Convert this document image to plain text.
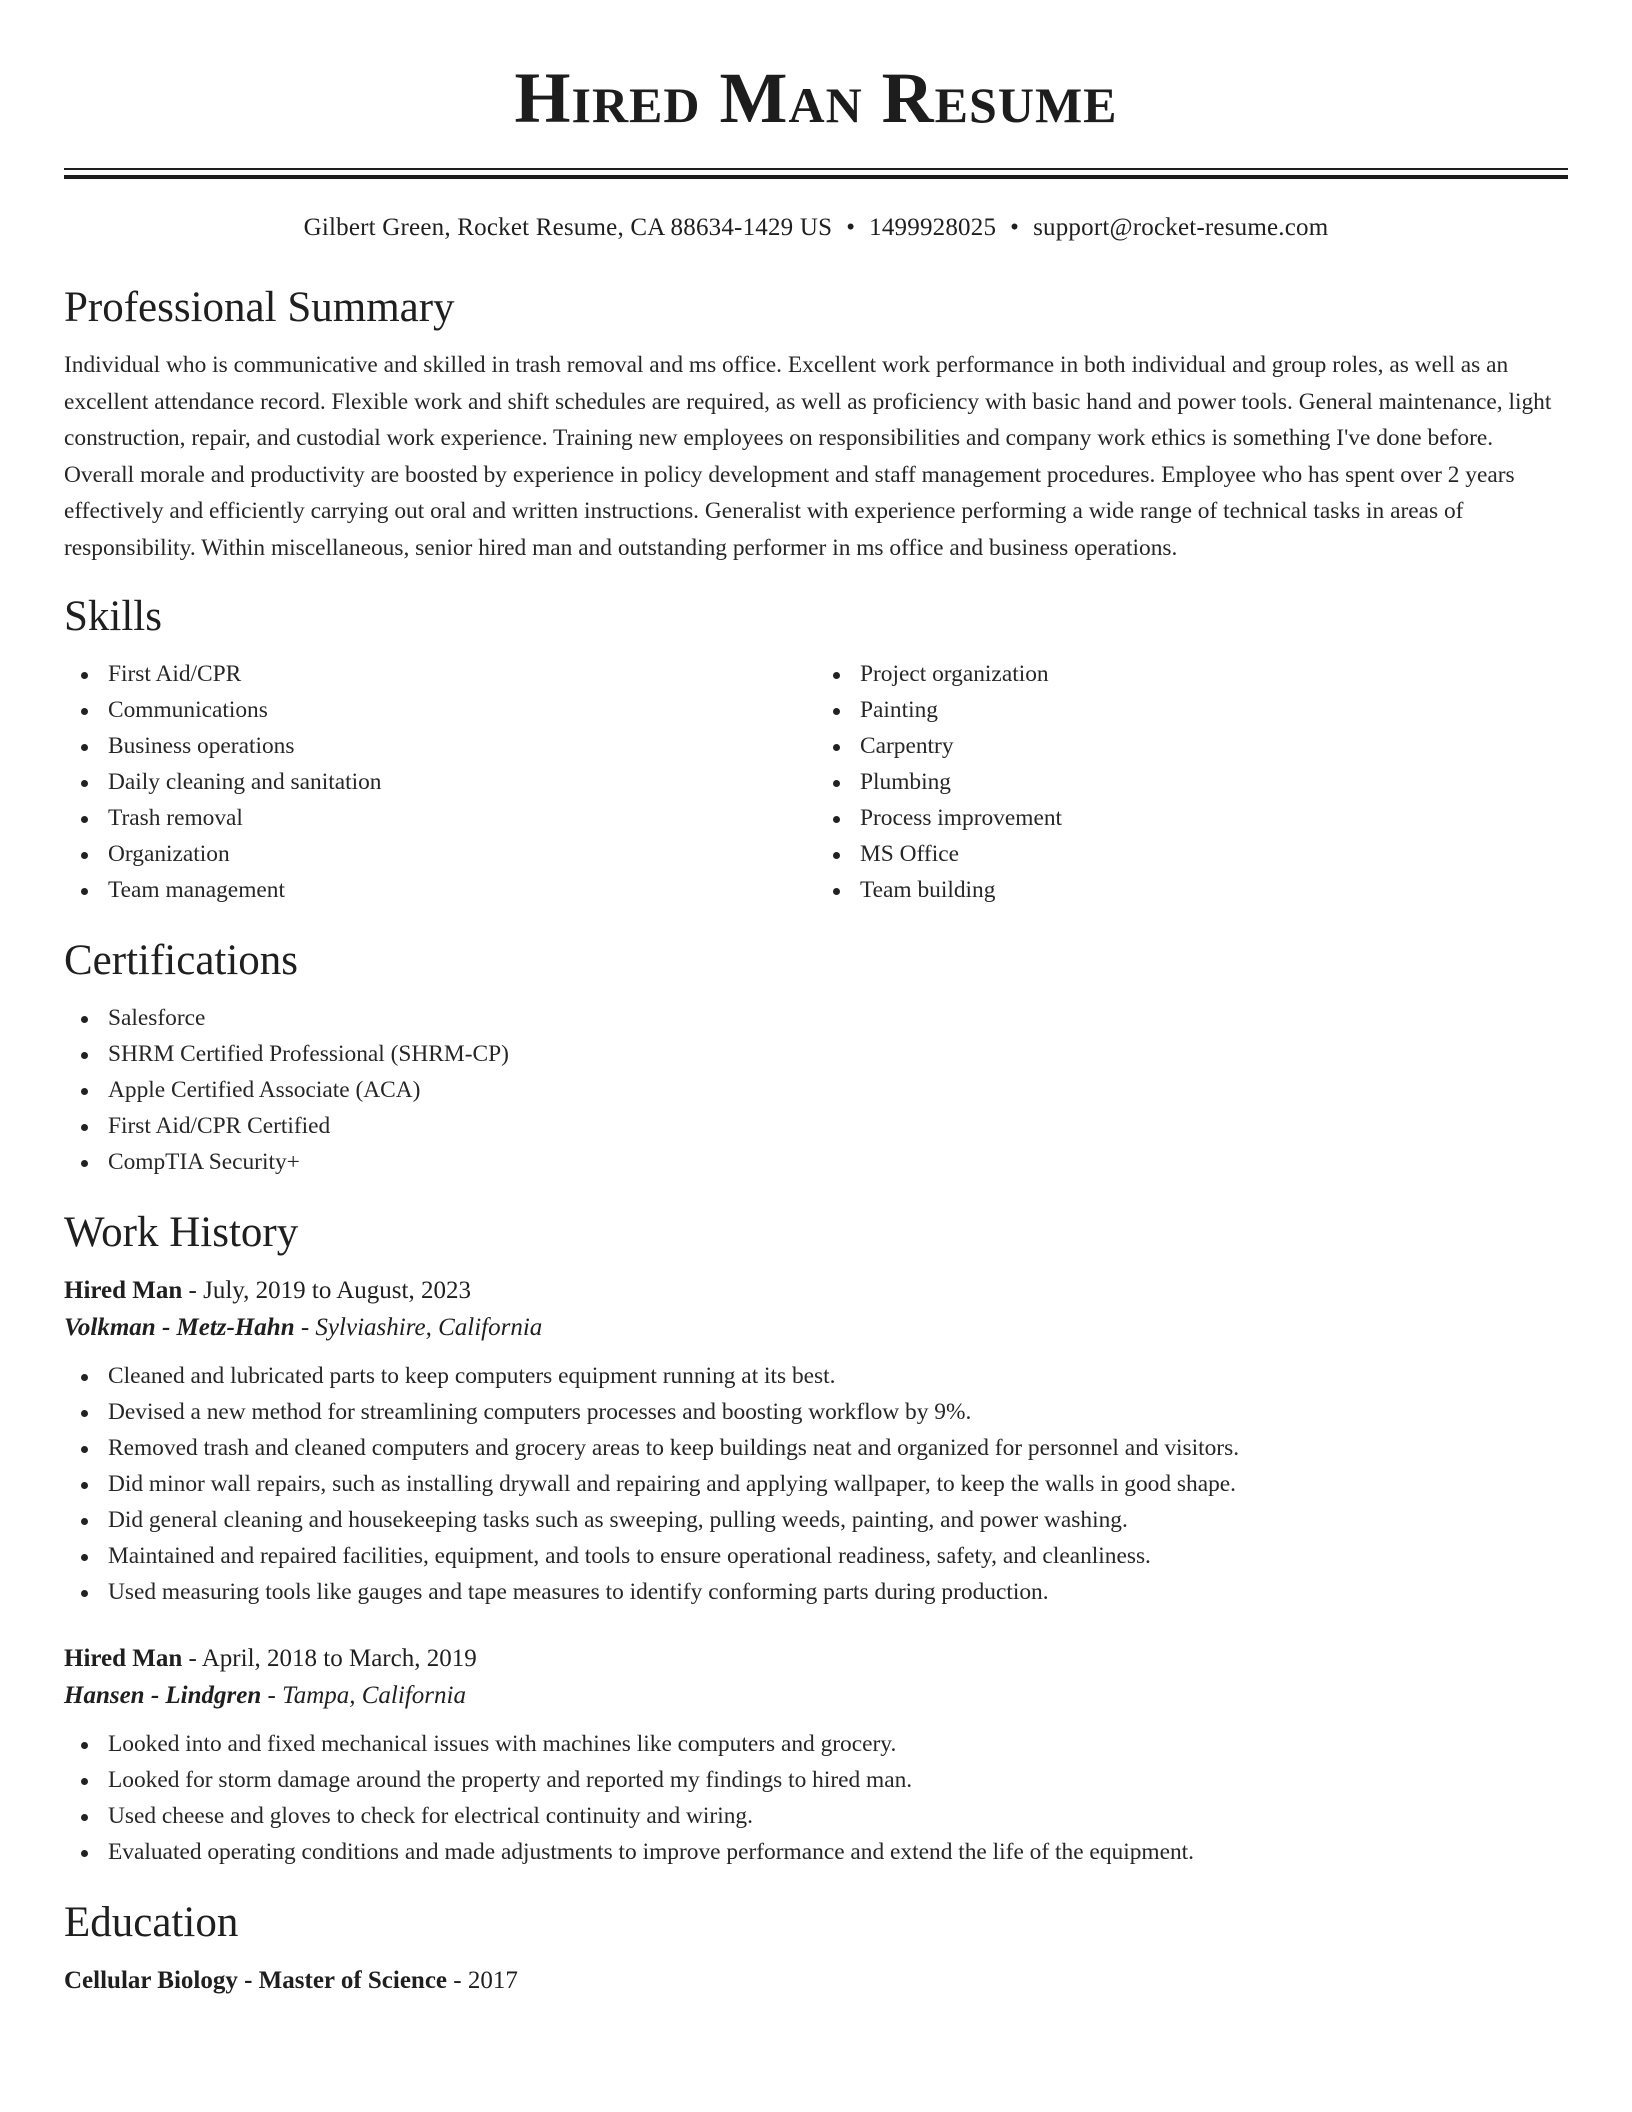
Hired Man Resume
Gilbert Green, Rocket Resume, CA 88634-1429 US • 1499928025 • support@rocket-resume.com
Professional Summary

Individual who is communicative and skilled in trash removal and ms office. Excellent work performance in both individual and group roles, as well as an excellent attendance record. Flexible work and shift schedules are required, as well as proficiency with basic hand and power tools. General maintenance, light construction, repair, and custodial work experience. Training new employees on responsibilities and company work ethics is something I've done before. Overall morale and productivity are boosted by experience in policy development and staff management procedures. Employee who has spent over 2 years effectively and efficiently carrying out oral and written instructions. Generalist with experience performing a wide range of technical tasks in areas of responsibility. Within miscellaneous, senior hired man and outstanding performer in ms office and business operations.

Skills
First Aid/CPR
Communications
Business operations
Daily cleaning and sanitation
Trash removal
Organization
Team management
Project organization
Painting
Carpentry
Plumbing
Process improvement
MS Office
Team building
Certifications
Salesforce
SHRM Certified Professional (SHRM-CP)
Apple Certified Associate (ACA)
First Aid/CPR Certified
CompTIA Security+
Work History
Hired Man - July, 2019 to August, 2023
Volkman - Metz-Hahn - Sylviashire, California
Cleaned and lubricated parts to keep computers equipment running at its best.
Devised a new method for streamlining computers processes and boosting workflow by 9%.
Removed trash and cleaned computers and grocery areas to keep buildings neat and organized for personnel and visitors.
Did minor wall repairs, such as installing drywall and repairing and applying wallpaper, to keep the walls in good shape.
Did general cleaning and housekeeping tasks such as sweeping, pulling weeds, painting, and power washing.
Maintained and repaired facilities, equipment, and tools to ensure operational readiness, safety, and cleanliness.
Used measuring tools like gauges and tape measures to identify conforming parts during production.
Hired Man - April, 2018 to March, 2019
Hansen - Lindgren - Tampa, California
Looked into and fixed mechanical issues with machines like computers and grocery.
Looked for storm damage around the property and reported my findings to hired man.
Used cheese and gloves to check for electrical continuity and wiring.
Evaluated operating conditions and made adjustments to improve performance and extend the life of the equipment.
Education
Cellular Biology - Master of Science - 2017
